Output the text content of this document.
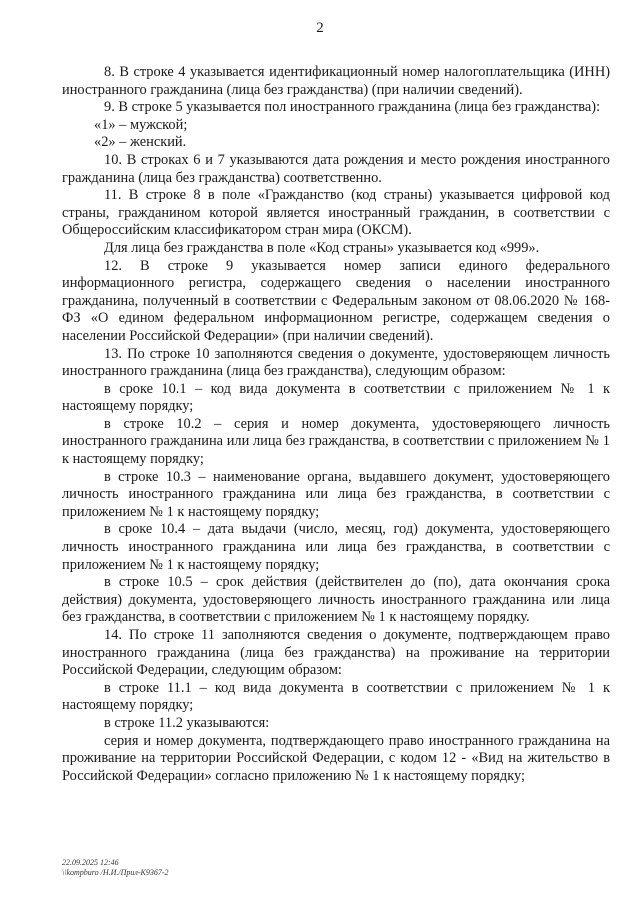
2

8. В строке 4 указывается идентификационный номер налогоплательщика (ИНН) иностранного гражданина (лица без гражданства) (при наличии сведений).

9. В строке 5 указывается пол иностранного гражданина (лица без гражданства):

«1» – мужской;

«2» – женский.

10. В строках 6 и 7 указываются дата рождения и место рождения иностранного гражданина (лица без гражданства) соответственно.

11. В строке 8 в поле «Гражданство (код страны) указывается цифровой код страны, гражданином которой является иностранный гражданин, в соответствии с Общероссийским классификатором стран мира (ОКСМ).

Для лица без гражданства в поле «Код страны» указывается код «999».

12. В строке 9 указывается номер записи единого федерального информационного регистра, содержащего сведения о населении иностранного гражданина, полученный в соответствии с Федеральным законом от 08.06.2020 № 168-ФЗ «О едином федеральном информационном регистре, содержащем сведения о населении Российской Федерации» (при наличии сведений).

13. По строке 10 заполняются сведения о документе, удостоверяющем личность иностранного гражданина (лица без гражданства), следующим образом:

в сроке 10.1 – код вида документа в соответствии с приложением № 1 к настоящему порядку;

в строке 10.2 – серия и номер документа, удостоверяющего личность иностранного гражданина или лица без гражданства, в соответствии с приложением № 1 к настоящему порядку;

в строке 10.3 – наименование органа, выдавшего документ, удостоверяющего личность иностранного гражданина или лица без гражданства, в соответствии с приложением № 1 к настоящему порядку;

в сроке 10.4 – дата выдачи (число, месяц, год) документа, удостоверяющего личность иностранного гражданина или лица без гражданства, в соответствии с приложением № 1 к настоящему порядку;

в строке 10.5 – срок действия (действителен до (по), дата окончания срока действия) документа, удостоверяющего личность иностранного гражданина или лица без гражданства, в соответствии с приложением № 1 к настоящему порядку.

14. По строке 11 заполняются сведения о документе, подтверждающем право иностранного гражданина (лица без гражданства) на проживание на территории Российской Федерации, следующим образом:

в строке 11.1 – код вида документа в соответствии с приложением № 1 к настоящему порядку;

в строке 11.2 указываются:

серия и номер документа, подтверждающего право иностранного гражданина на проживание на территории Российской Федерации, с кодом 12 - «Вид на жительство в Российской Федерации» согласно приложению № 1 к настоящему порядку;

22.09.2025 12:46
\\kompburo /Н.И./Прил-К9367-2
